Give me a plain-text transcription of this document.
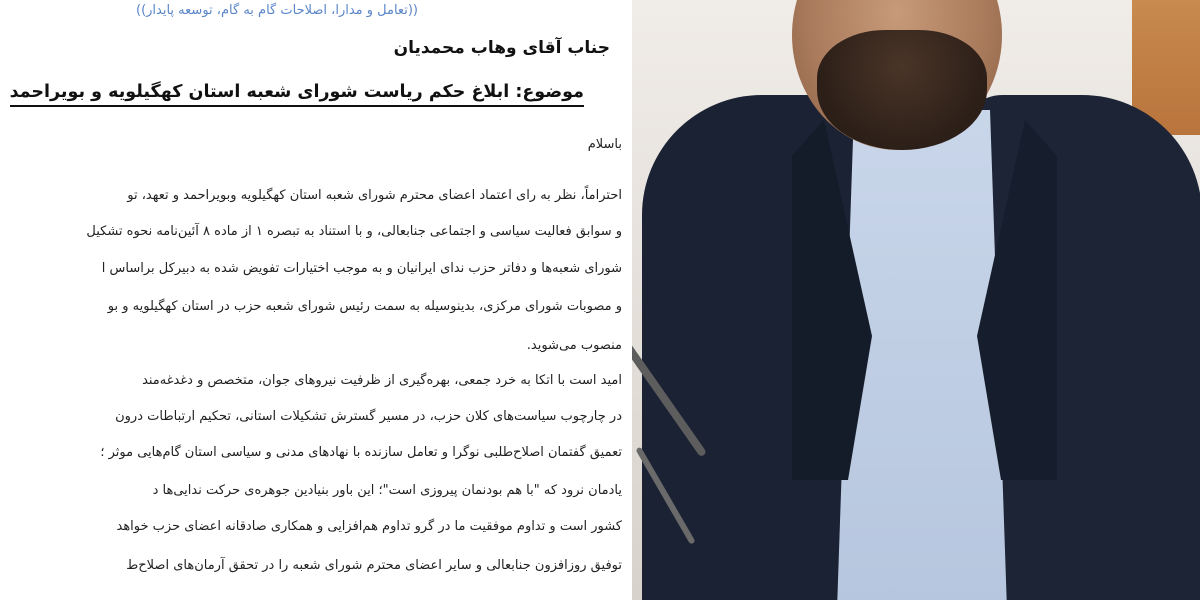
((تعامل و مدارا، اصلاحات گام به گام، توسعه پایدار))
جناب آقای وهاب محمدیان
موضوع: ابلاغ حکم ریاست شورای شعبه استان کهگیلویه و بویراحمد
باسلام
احتراماً، نظر به رای اعتماد اعضای محترم شورای شعبه استان کهگیلویه وبویراحمد و تعهد، تو
و سوابق فعالیت سیاسی و اجتماعی جنابعالی، و با استناد به تبصره ۱ از ماده ۸ آئین‌نامه نحوه تشکیل
شورای شعبه‌ها و دفاتر حزب ندای ایرانیان و به موجب اختیارات تفویض شده به دبیرکل براساس ا
و مصوبات شورای مرکزی، بدینوسیله به سمت رئیس شورای شعبه حزب در استان کهگیلویه و بو
منصوب می‌شوید.
امید است با اتکا به خرد جمعی، بهره‌گیری از ظرفیت نیروهای جوان، متخصص و دغدغه‌مند
در چارچوب سیاست‌های کلان حزب، در مسیر گسترش تشکیلات استانی، تحکیم ارتباطات درون
تعمیق گفتمان اصلاح‌طلبی نوگرا و تعامل سازنده با نهادهای مدنی و سیاسی استان گام‌هایی موثر ؛
یادمان نرود که "با هم بودنمان پیروزی است"؛ این باور بنیادین جوهره‌ی حرکت ندایی‌ها د
کشور است و تداوم موفقیت ما در گرو تداوم هم‌افزایی و همکاری صادقانه اعضای حزب خواهد
توفیق روزافزون جنابعالی و سایر اعضای محترم شورای شعبه را در تحقق آرمان‌های اصلاح‌ط
